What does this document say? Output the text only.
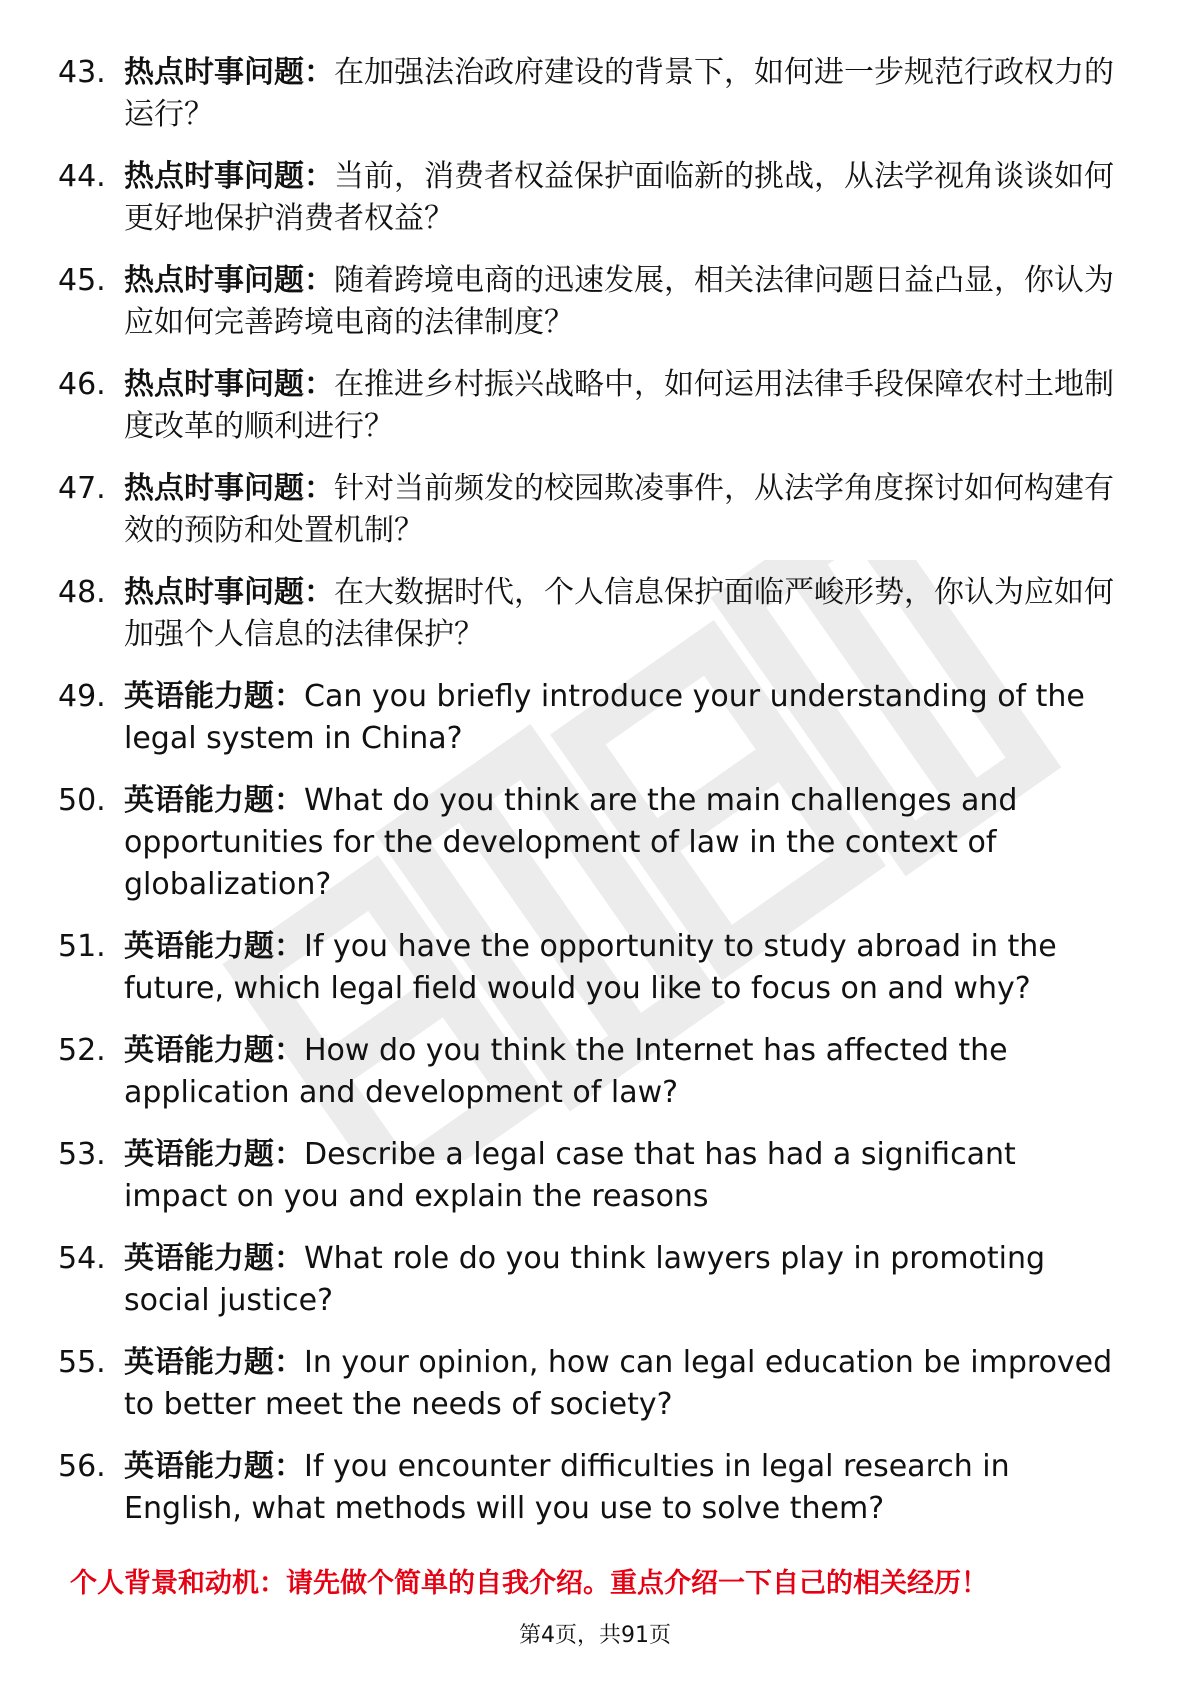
43. 热点时事问题：在加强法治政府建设的背景下，如何进一步规范行政权力的运行？
44. 热点时事问题：当前，消费者权益保护面临新的挑战，从法学视角谈谈如何更好地保护消费者权益？
45. 热点时事问题：随着跨境电商的迅速发展，相关法律问题日益凸显，你认为应如何完善跨境电商的法律制度？
46. 热点时事问题：在推进乡村振兴战略中，如何运用法律手段保障农村土地制度改革的顺利进行？
47. 热点时事问题：针对当前频发的校园欺凌事件，从法学角度探讨如何构建有效的预防和处置机制？
48. 热点时事问题：在大数据时代，个人信息保护面临严峻形势，你认为应如何加强个人信息的法律保护？
49. 英语能力题：Can you briefly introduce your understanding of the legal system in China?
50. 英语能力题：What do you think are the main challenges and opportunities for the development of law in the context of globalization?
51. 英语能力题：If you have the opportunity to study abroad in the future, which legal field would you like to focus on and why?
52. 英语能力题：How do you think the Internet has affected the application and development of law?
53. 英语能力题：Describe a legal case that has had a significant impact on you and explain the reasons
54. 英语能力题：What role do you think lawyers play in promoting social justice?
55. 英语能力题：In your opinion, how can legal education be improved to better meet the needs of society?
56. 英语能力题：If you encounter difficulties in legal research in English, what methods will you use to solve them?
个人背景和动机：请先做个简单的自我介绍。重点介绍一下自己的相关经历！
第4页，共91页
